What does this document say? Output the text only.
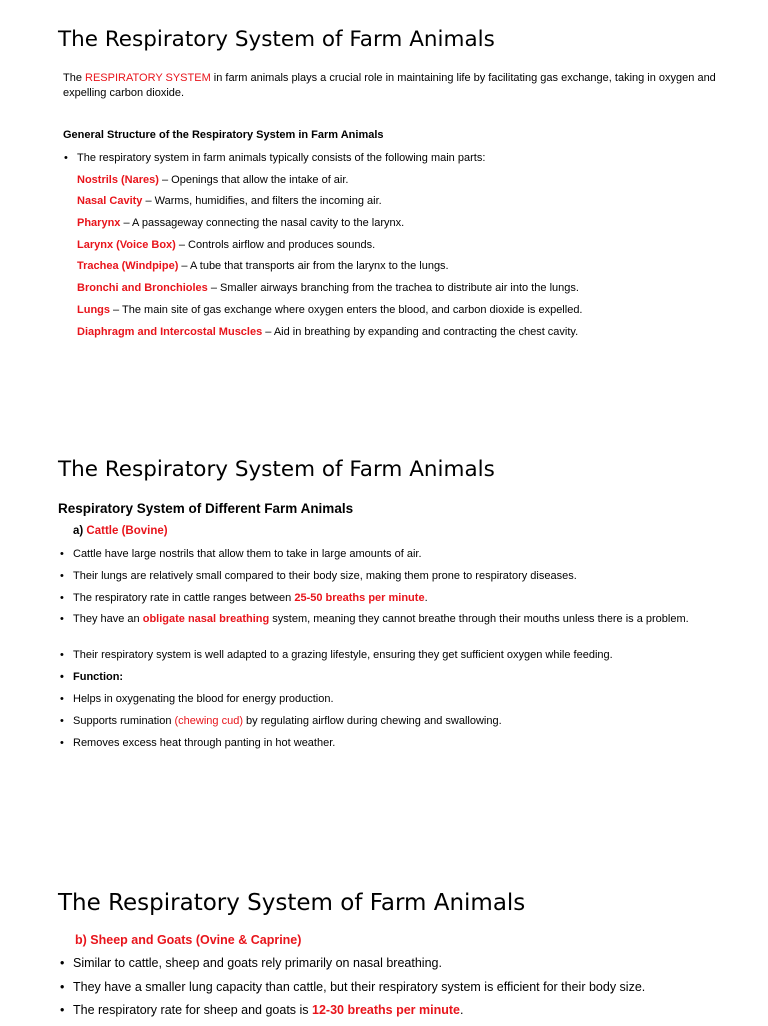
The Respiratory System of Farm Animals

The RESPIRATORY SYSTEM in farm animals plays a crucial role in maintaining life by facilitating gas exchange, taking in oxygen and expelling carbon dioxide.

General Structure of the Respiratory System in Farm Animals

• The respiratory system in farm animals typically consists of the following main parts:
Nostrils (Nares) – Openings that allow the intake of air.
Nasal Cavity – Warms, humidifies, and filters the incoming air.
Pharynx – A passageway connecting the nasal cavity to the larynx.
Larynx (Voice Box) – Controls airflow and produces sounds.
Trachea (Windpipe) – A tube that transports air from the larynx to the lungs.
Bronchi and Bronchioles – Smaller airways branching from the trachea to distribute air into the lungs.
Lungs – The main site of gas exchange where oxygen enters the blood, and carbon dioxide is expelled.
Diaphragm and Intercostal Muscles – Aid in breathing by expanding and contracting the chest cavity.
The Respiratory System of Farm Animals

Respiratory System of Different Farm Animals

a) Cattle (Bovine)

• Cattle have large nostrils that allow them to take in large amounts of air.
• Their lungs are relatively small compared to their body size, making them prone to respiratory diseases.
• The respiratory rate in cattle ranges between 25-50 breaths per minute.
• They have an obligate nasal breathing system, meaning they cannot breathe through their mouths unless there is a problem.
• Their respiratory system is well adapted to a grazing lifestyle, ensuring they get sufficient oxygen while feeding.
• Function:
• Helps in oxygenating the blood for energy production.
• Supports rumination (chewing cud) by regulating airflow during chewing and swallowing.
• Removes excess heat through panting in hot weather.
The Respiratory System of Farm Animals

b) Sheep and Goats (Ovine & Caprine)

• Similar to cattle, sheep and goats rely primarily on nasal breathing.
• They have a smaller lung capacity than cattle, but their respiratory system is efficient for their body size.
• The respiratory rate for sheep and goats is 12-30 breaths per minute.
